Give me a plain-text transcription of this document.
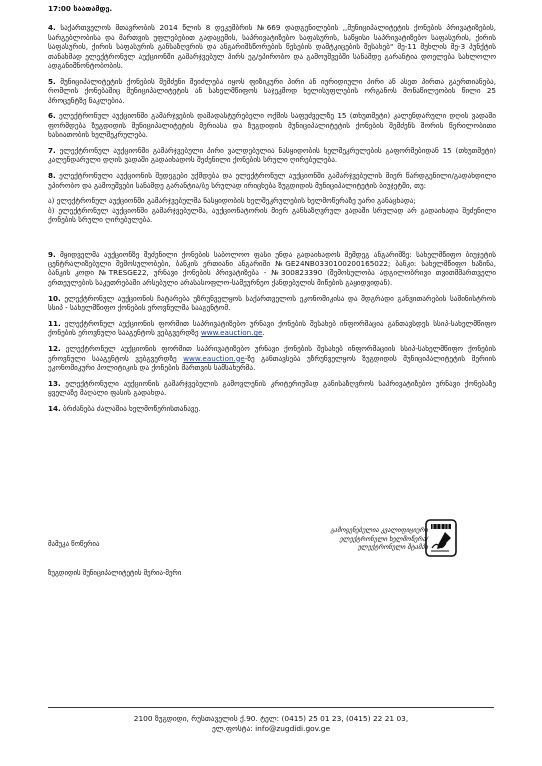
17:00 საათამდე.
4. საქართველოს მთავრობის 2014 წლის 8 დეკემბრის №669 დადგენილების ,,მუნიციპალიტეტის ქონების პრივატიზების, სარგებლობისა და მართვის უფლებებით გადაცემის, საპრივატიზებო საფასურის, საწყისი საპრივატიზებო საფასურის, ქირის საფასურის, ქირის საფასურის განსაზღვრის და ანგარიშსწორების წესების დამტკიცების შესახებ“ მე-11 მუხლის მე-3 პუნქტის თანახმად ელექტრონულ აუქციონში გამარჯვებულ პირს ეგ/ეპირობო და გამოუშვებში სანამდე გარანტია დოელება სახლოლო ადგანიშნონტობობის.
5. მუნიციპალიტეტის ქონების შემძენი შეიძლება იყოს ფიზიკური პირი ან იურიდიული პირი ან ასეთ პირთა გაერთიანება, რომლის ქონებაშიც მუნიციპალიტეტის ან სახელმწიფოს საჯეკმოდ ხელისუფლების ორგანოს მონაწილეობის წილი 25 პროცენტზე ნაკლებია.
6. ელექტრონულ აუქციონში გამარჯვების დამადასტურებელი ოქმის საფუძველზე 15 (თხუთმეტი) კალენდარული დღის ვადაში ფორმდება ზუგდიდის მუნიციპალიტეტის მერიასა და ზუგდიდის მუნიციპალიტეტის ქონების შემძენს შორის წერილობითი ხასიათობის ხელშეკრულება.
7. ელექტრონულ აუქციონში გამარჯვებული პირი ვალდებულია ნასყიდობის ხელშეკრულების გაფორმებიდან 15 (თხუთმეტი) კალენდარული დღის ვადაში გადაიხადოს შეძენილი ქონების სრული ღირებულება.
8. ელექტრონული აუქციონის შედეგები უქმდება და ელექტრონულ აუქციონში გამარჯვებულის მიერ წარდგენილი/გადახდილი უპირობო და გამოუშვები სანამდე გარანტია/ბე სრულად ირიცხება ზუგდიდის მუნიციპალიტეტის ბიუჯეტში, თუ:
ა) ელექტრონულ აუქციონში გამარჯვებულმა ნასყიდობის ხელშეკრულების ხელმოწერაზე უარი განაცხადა;
ბ) ელექტრონულ აუქციონში გამარჯვებულმა, აუქციონატორის მიერ განსაზღვრულ ვადაში სრულად არ გადაიხადა შეძენილი ქონების სრული ღირებულება.
9. მყიდველმა აუქციონზე შეძენილი ქონების საბოლოო ფასი უნდა გადაიხადოს შემდეგ ანგარიშზე: სახელმწიფო ბიუჯეტის ცენტრალიზებული შემოსულობები, ბანკის ერთიანი ანგარიში №GE24NB0330100200165022; ბანკი: სახელმწიფო ხაზინა, ბანკის კოდი №TRESGE22, ურნავი ქონების პრივატიზება - №300823390 (შემოსულობა ადგილობრივი თვითმმართველი ერთეულების საკუთრებაში არსებული არასასოფლო-სამეურნეო ქანდებულის მიწების გაყიდვიდან).
10. ელექტრონულ აუქციონის ჩატარება უზრუნველყოს საქართველოს ეკონომიკისა და მდგრადი განვითარების სამინისტროს სსიპ - სახელმწიფო ქონების ეროვნულმა სააგენტომ.
11. ელექტრონულ აუქციონის ფორმით საპრივატიზებო ურნავი ქონების შესახებ ინფორმაცია განთავსდეს სსიპ-სახელმწიფო ქონების ეროვნული სააგენტოს ვებგვერდზე www.eauction.ge.
12. ელექტრონულ აუქციონის ფორმით საპრივატიზებო ურნავი ქონების შესახებ ინფორმაციის სსიპ-სახელმწიფო ქონების ეროვნული სააგენტოს ვებგვერდზე www.eauction.ge-ზე განთავსება უზრუნველყოს ზუგდიდის მუნიციპალიტეტის მერიის ეკონომიკური პოლიტიკის და ქონების მართვის სამსახურმა.
13. ელექტრონული აუქციონის გამარჯვებულის გამოვლენის კრიტერიუმად განისაზღვროს საპრივატიზებო ურნავი ქონებაზე ყველაზე მაღალი ფასის გადახდა.
14. ბრძანება ძალაშია ხელმოწერისთანავე.
მამუკა წოწერია
ზუგდიდის მუნიციპალიტეტის მერია-მერი
გამოყენებულია კვალიფიციური ელექტრონული ხელმოწერა/ ელექტრონული შტამპი
2100 ზუგდიდი, რუსთაველის ქ.90. ტელ: (0415) 25 01 23, (0415) 22 21 03,
ელ.ფოსტა: info@zugdidi.gov.ge
